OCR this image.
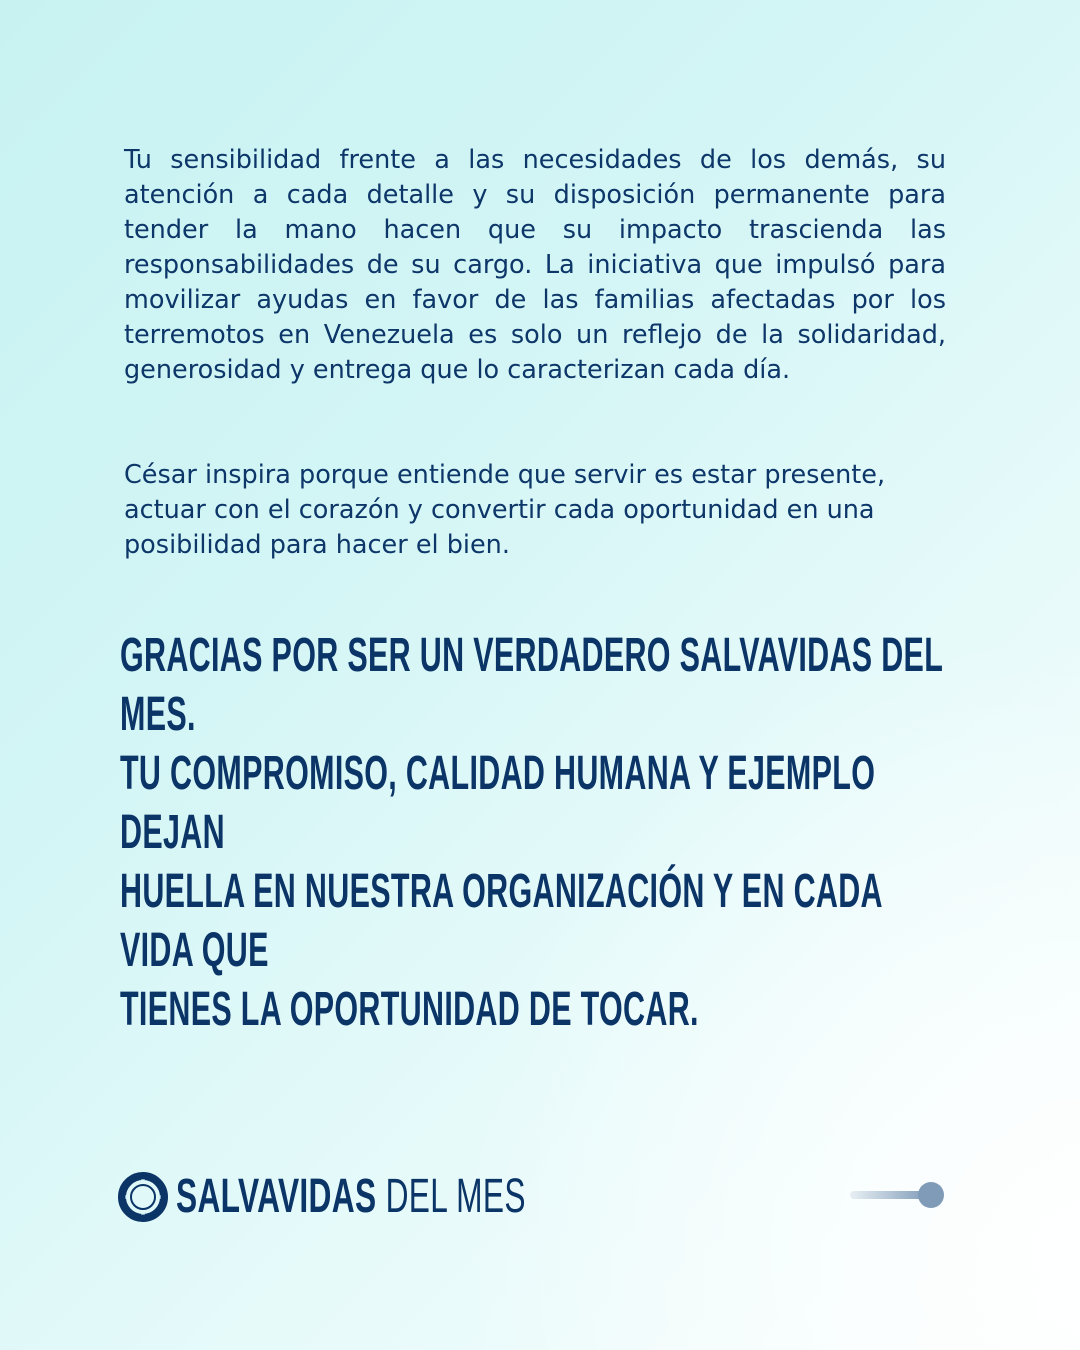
Tu sensibilidad frente a las necesidades de los demás, su atención a cada detalle y su disposición permanente para tender la mano hacen que su impacto trascienda las responsabilidades de su cargo. La iniciativa que impulsó para movilizar ayudas en favor de las familias afectadas por los terremotos en Venezuela es solo un reflejo de la solidaridad, generosidad y entrega que lo caracterizan cada día.

César inspira porque entiende que servir es estar presente, actuar con el corazón y convertir cada oportunidad en una posibilidad para hacer el bien.

GRACIAS POR SER UN VERDADERO SALVAVIDAS DEL MES.
TU COMPROMISO, CALIDAD HUMANA Y EJEMPLO DEJAN
HUELLA EN NUESTRA ORGANIZACIÓN Y EN CADA VIDA QUE
TIENES LA OPORTUNIDAD DE TOCAR.
SALVAVIDAS DEL MES
